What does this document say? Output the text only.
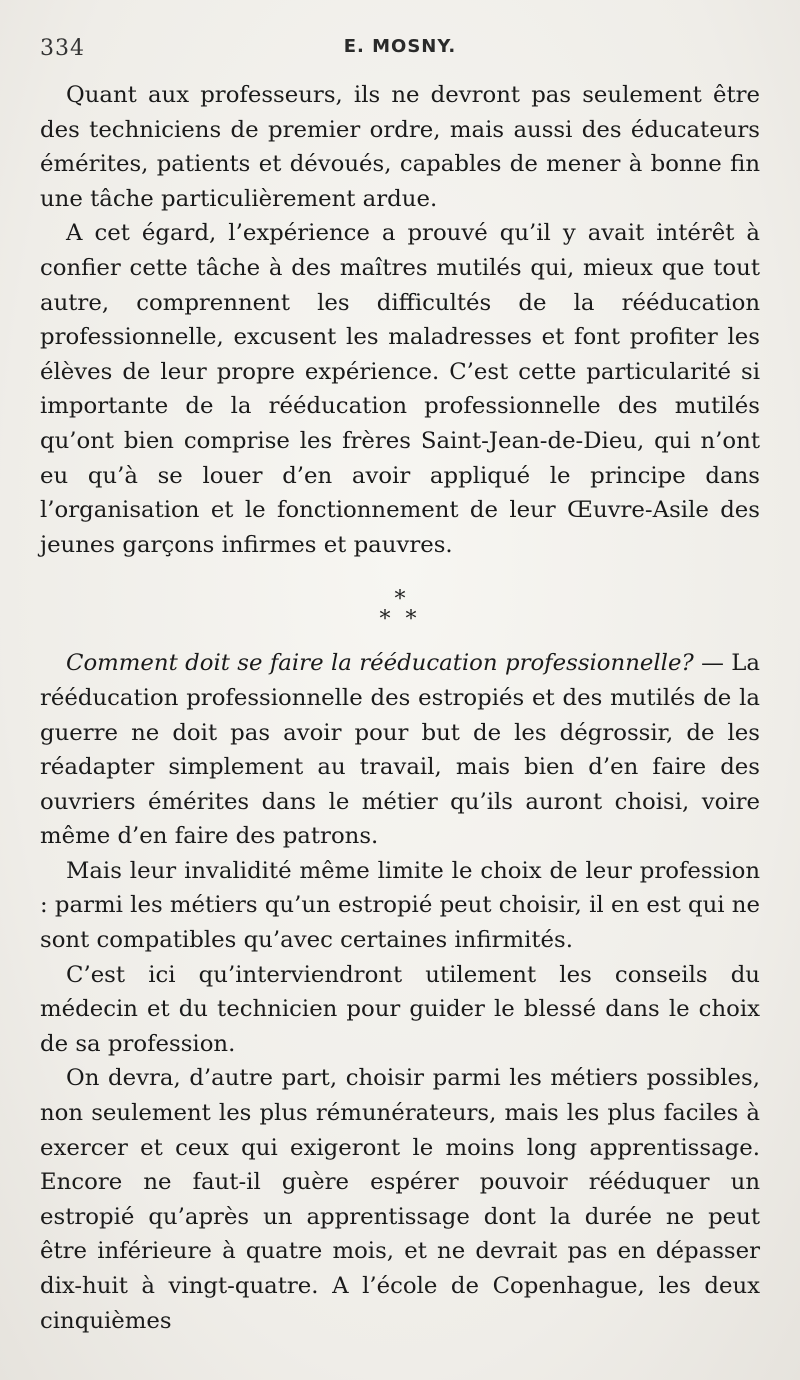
334	E. MOSNY.

Quant aux professeurs, ils ne devront pas seulement être des techniciens de premier ordre, mais aussi des éducateurs émérites, patients et dévoués, capables de mener à bonne fin une tâche particulièrement ardue.

A cet égard, l’expérience a prouvé qu’il y avait intérêt à confier cette tâche à des maîtres mutilés qui, mieux que tout autre, comprennent les difficultés de la rééducation professionnelle, excusent les maladresses et font profiter les élèves de leur propre expérience. C’est cette particularité si importante de la rééducation professionnelle des mutilés qu’ont bien comprise les frères Saint-Jean-de-Dieu, qui n’ont eu qu’à se louer d’en avoir appliqué le principe dans l’organisation et le fonctionnement de leur Œuvre-Asile des jeunes garçons infirmes et pauvres.

*
* *

Comment doit se faire la rééducation professionnelle? — La rééducation professionnelle des estropiés et des mutilés de la guerre ne doit pas avoir pour but de les dégrossir, de les réadapter simplement au travail, mais bien d’en faire des ouvriers émérites dans le métier qu’ils auront choisi, voire même d’en faire des patrons.

Mais leur invalidité même limite le choix de leur profession : parmi les métiers qu’un estropié peut choisir, il en est qui ne sont compatibles qu’avec certaines infirmités.

C’est ici qu’interviendront utilement les conseils du médecin et du technicien pour guider le blessé dans le choix de sa profession.

On devra, d’autre part, choisir parmi les métiers possibles, non seulement les plus rémunérateurs, mais les plus faciles à exercer et ceux qui exigeront le moins long apprentissage. Encore ne faut-il guère espérer pouvoir rééduquer un estropié qu’après un apprentissage dont la durée ne peut être inférieure à quatre mois, et ne devrait pas en dépasser dix-huit à vingt-quatre. A l’école de Copenhague, les deux cinquièmes
